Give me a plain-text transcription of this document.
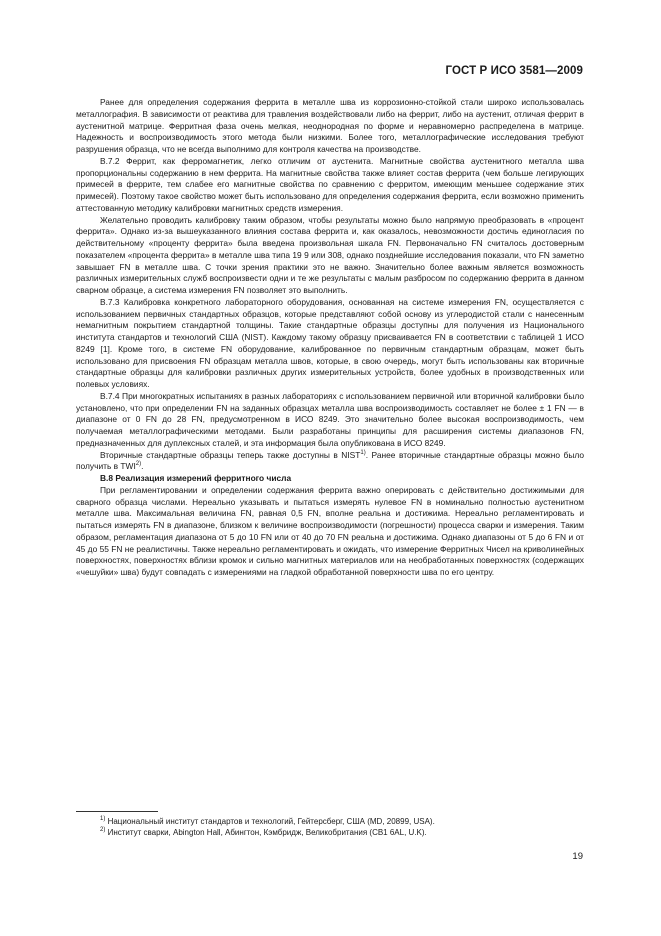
ГОСТ Р ИСО 3581—2009

Ранее для определения содержания феррита в металле шва из коррозионно-стойкой стали широко использовалась металлография. В зависимости от реактива для травления воздействовали либо на феррит, либо на аустенит, отличая феррит в аустенитной матрице. Ферритная фаза очень мелкая, неоднородная по форме и неравномерно распределена в матрице. Надежность и воспроизводимость этого метода были низкими. Более того, металлографические исследования требуют разрушения образца, что не всегда выполнимо для контроля качества на производстве.

В.7.2 Феррит, как ферромагнетик, легко отличим от аустенита. Магнитные свойства аустенитного металла шва пропорциональны содержанию в нем феррита. На магнитные свойства также влияет состав феррита (чем больше легирующих примесей в феррите, тем слабее его магнитные свойства по сравнению с ферритом, имеющим меньшее содержание этих примесей). Поэтому такое свойство может быть использовано для определения содержания феррита, если возможно применить аттестованную методику калибровки магнитных средств измерения.

Желательно проводить калибровку таким образом, чтобы результаты можно было напрямую преобразовать в «процент феррита». Однако из-за вышеуказанного влияния состава феррита и, как оказалось, невозможности достичь единогласия по действительному «проценту феррита» была введена произвольная шкала FN. Первоначально FN считалось достоверным показателем «процента феррита» в металле шва типа 19 9 или 308, однако позднейшие исследования показали, что FN заметно завышает FN в металле шва. С точки зрения практики это не важно. Значительно более важным является возможность различных измерительных служб воспроизвести одни и те же результаты с малым разбросом по содержанию феррита в данном сварном образце, а система измерения FN позволяет это выполнить.

В.7.3 Калибровка конкретного лабораторного оборудования, основанная на системе измерения FN, осуществляется с использованием первичных стандартных образцов, которые представляют собой основу из углеродистой стали с нанесенным немагнитным покрытием стандартной толщины. Такие стандартные образцы доступны для получения из Национального института стандартов и технологий США (NIST). Каждому такому образцу присваивается FN в соответствии с таблицей 1 ИСО 8249 [1]. Кроме того, в системе FN оборудование, калиброванное по первичным стандартным образцам, может быть использовано для присвоения FN образцам металла швов, которые, в свою очередь, могут быть использованы как вторичные стандартные образцы для калибровки различных других измерительных устройств, более удобных в производственных или полевых условиях.

В.7.4 При многократных испытаниях в разных лабораториях с использованием первичной или вторичной калибровки было установлено, что при определении FN на заданных образцах металла шва воспроизводимость составляет не более ± 1 FN — в диапазоне от 0 FN до 28 FN, предусмотренном в ИСО 8249. Это значительно более высокая воспроизводимость, чем получаемая металлографическими методами. Были разработаны принципы для расширения системы диапазонов FN, предназначенных для дуплексных сталей, и эта информация была опубликована в ИСО 8249.

Вторичные стандартные образцы теперь также доступны в NIST$^{1)}$. Ранее вторичные стандартные образцы можно было получить в TWI$^{2)}$.

В.8 Реализация измерений ферритного числа

При регламентировании и определении содержания феррита важно оперировать с действительно достижимыми для сварного образца числами. Нереально указывать и пытаться измерять нулевое FN в номинально полностью аустенитном металле шва. Максимальная величина FN, равная 0,5 FN, вполне реальна и достижима. Нереально регламентировать и пытаться измерять FN в диапазоне, близком к величине воспроизводимости (погрешности) процесса сварки и измерения. Таким образом, регламентация диапазона от 5 до 10 FN или от 40 до 70 FN реальна и достижима. Однако диапазоны от 5 до 6 FN и от 45 до 55 FN не реалистичны. Также нереально регламентировать и ожидать, что измерение Ферритных Чисел на криволинейных поверхностях, поверхностях вблизи кромок и сильно магнитных материалов или на необработанных поверхностях (содержащих «чешуйки» шва) будут совпадать с измерениями на гладкой обработанной поверхности шва по его центру.

$^{1)}$ Национальный институт стандартов и технологий, Гейтерсберг, США (MD, 20899, USA).
$^{2)}$ Институт сварки, Abington Hall, Абингтон, Кэмбридж, Великобритания (CB1 6AL, U.K).
19
